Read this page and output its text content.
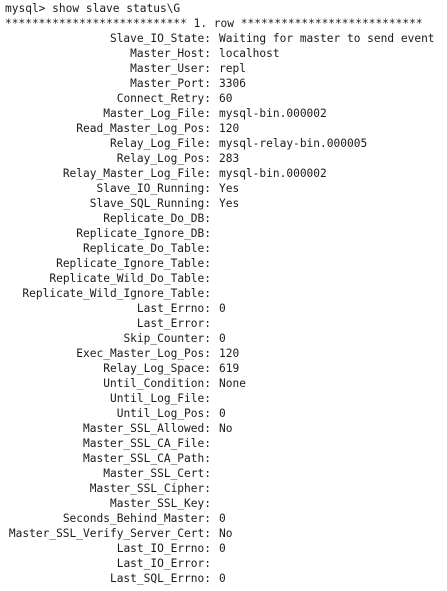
mysql> show slave status\G
*************************** 1. row ***************************
Slave_IO_State: Waiting for master to send event
Master_Host: localhost
Master_User: repl
Master_Port: 3306
Connect_Retry: 60
Master_Log_File: mysql-bin.000002
Read_Master_Log_Pos: 120
Relay_Log_File: mysql-relay-bin.000005
Relay_Log_Pos: 283
Relay_Master_Log_File: mysql-bin.000002
Slave_IO_Running: Yes
Slave_SQL_Running: Yes
Replicate_Do_DB:
Replicate_Ignore_DB:
Replicate_Do_Table:
Replicate_Ignore_Table:
Replicate_Wild_Do_Table:
Replicate_Wild_Ignore_Table:
Last_Errno: 0
Last_Error:
Skip_Counter: 0
Exec_Master_Log_Pos: 120
Relay_Log_Space: 619
Until_Condition: None
Until_Log_File:
Until_Log_Pos: 0
Master_SSL_Allowed: No
Master_SSL_CA_File:
Master_SSL_CA_Path:
Master_SSL_Cert:
Master_SSL_Cipher:
Master_SSL_Key:
Seconds_Behind_Master: 0
Master_SSL_Verify_Server_Cert: No
Last_IO_Errno: 0
Last_IO_Error:
Last_SQL_Errno: 0
